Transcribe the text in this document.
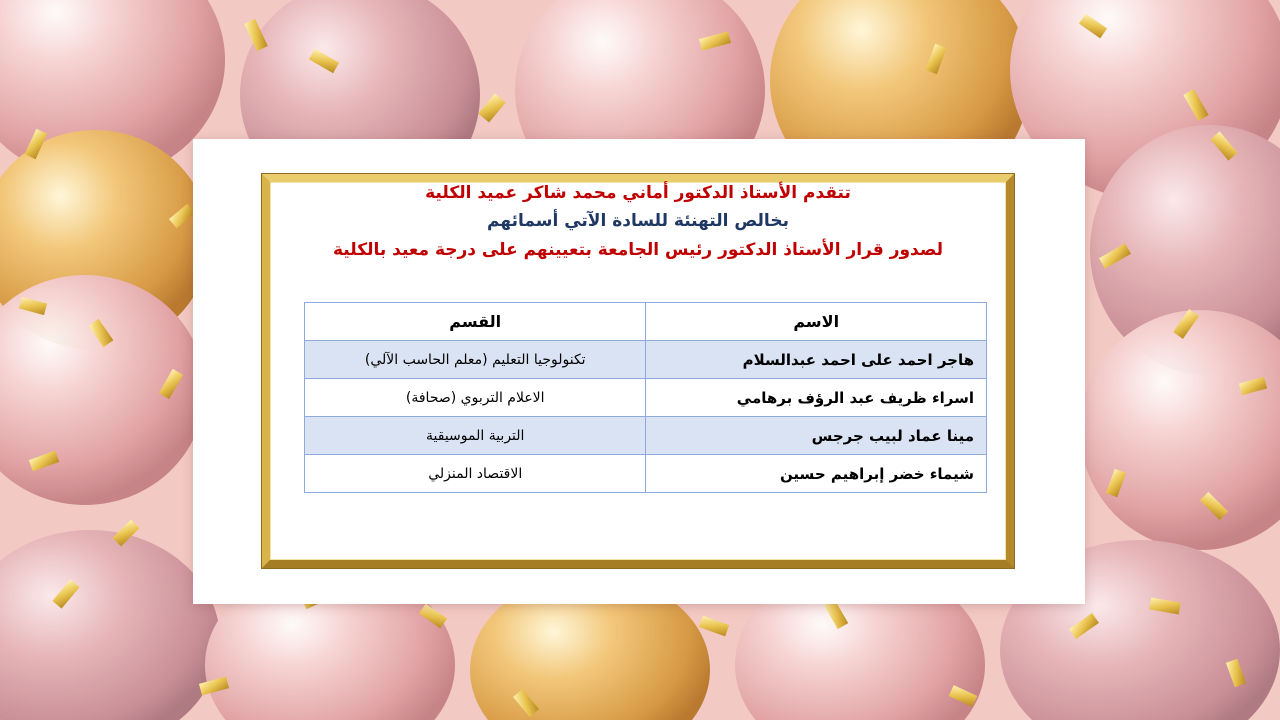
تتقدم الأستاذ الدكتور أماني محمد شاكر عميد الكلية
بخالص التهنئة للسادة الآتي أسمائهم
لصدور قرار الأستاذ الدكتور رئيس الجامعة بتعيينهم على درجة معيد بالكلية
الاسم	القسم
هاجر احمد على احمد عبدالسلام	تكنولوجيا التعليم (معلم الحاسب الآلي)
اسراء ظريف عبد الرؤف برهامي	الاعلام التربوي (صحافة)
مينا عماد لبيب جرجس	التربية الموسيقية
شيماء خضر إبراهيم حسين	الاقتصاد المنزلي
